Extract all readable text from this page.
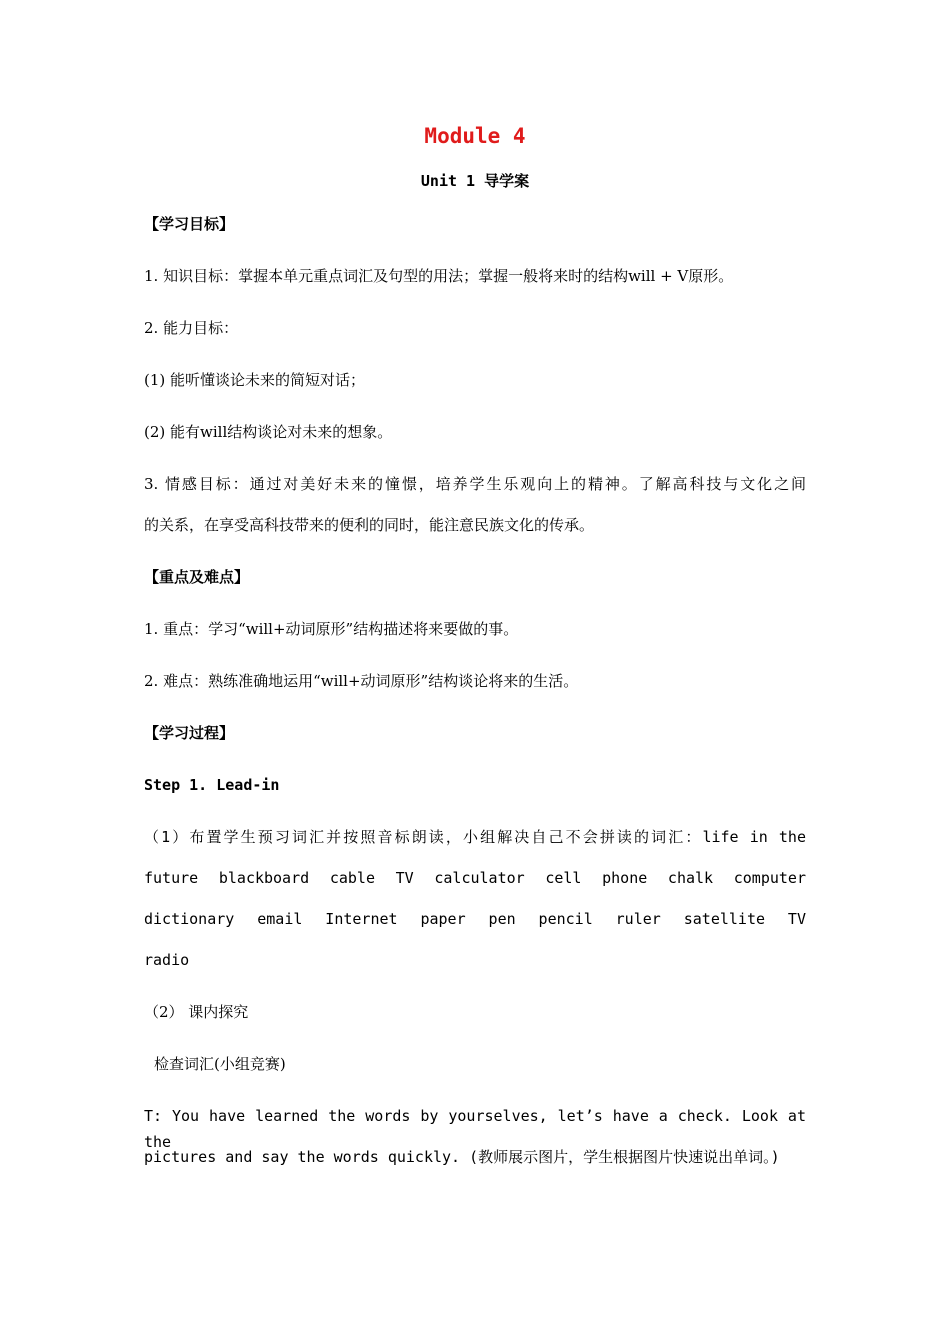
Module 4
Unit 1 导学案
【学习目标】
1. 知识目标：掌握本单元重点词汇及句型的用法；掌握一般将来时的结构will + V原形。
2. 能力目标：
(1) 能听懂谈论未来的简短对话；
(2) 能有will结构谈论对未来的想象。
3. 情感目标：通过对美好未来的憧憬，培养学生乐观向上的精神。了解高科技与文化之间
的关系，在享受高科技带来的便利的同时，能注意民族文化的传承。
【重点及难点】
1. 重点：学习“will+动词原形”结构描述将来要做的事。
2. 难点：熟练准确地运用“will+动词原形”结构谈论将来的生活。
【学习过程】
Step 1. Lead-in
（1）布置学生预习词汇并按照音标朗读，小组解决自己不会拼读的词汇：life in the
future blackboard cable TV calculator cell phone chalk computer
dictionary email Internet paper pen pencil ruler satellite TV
radio
（2） 课内探究
检查词汇(小组竞赛)
T: You have learned the words by yourselves, let’s have a check. Look at the
pictures and say the words quickly. (教师展示图片，学生根据图片快速说出单词。)
